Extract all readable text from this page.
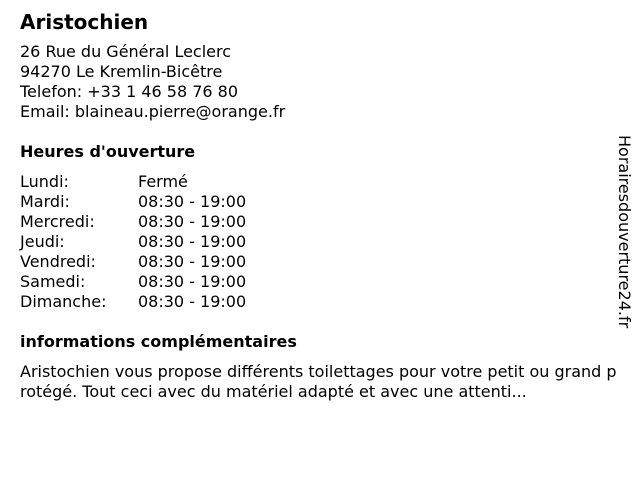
Aristochien
26 Rue du Général Leclerc
94270 Le Kremlin-Bicêtre
Telefon: +33 1 46 58 76 80
Email: blaineau.pierre@orange.fr
Heures d'ouverture
Lundi:	Fermé
Mardi:	08:30 - 19:00
Mercredi:	08:30 - 19:00
Jeudi:	08:30 - 19:00
Vendredi:	08:30 - 19:00
Samedi:	08:30 - 19:00
Dimanche:	08:30 - 19:00
informations complémentaires
Aristochien vous propose différents toilettages pour votre petit ou grand protégé. Tout ceci avec du matériel adapté et avec une attenti...
Horairesdouverture24.fr
